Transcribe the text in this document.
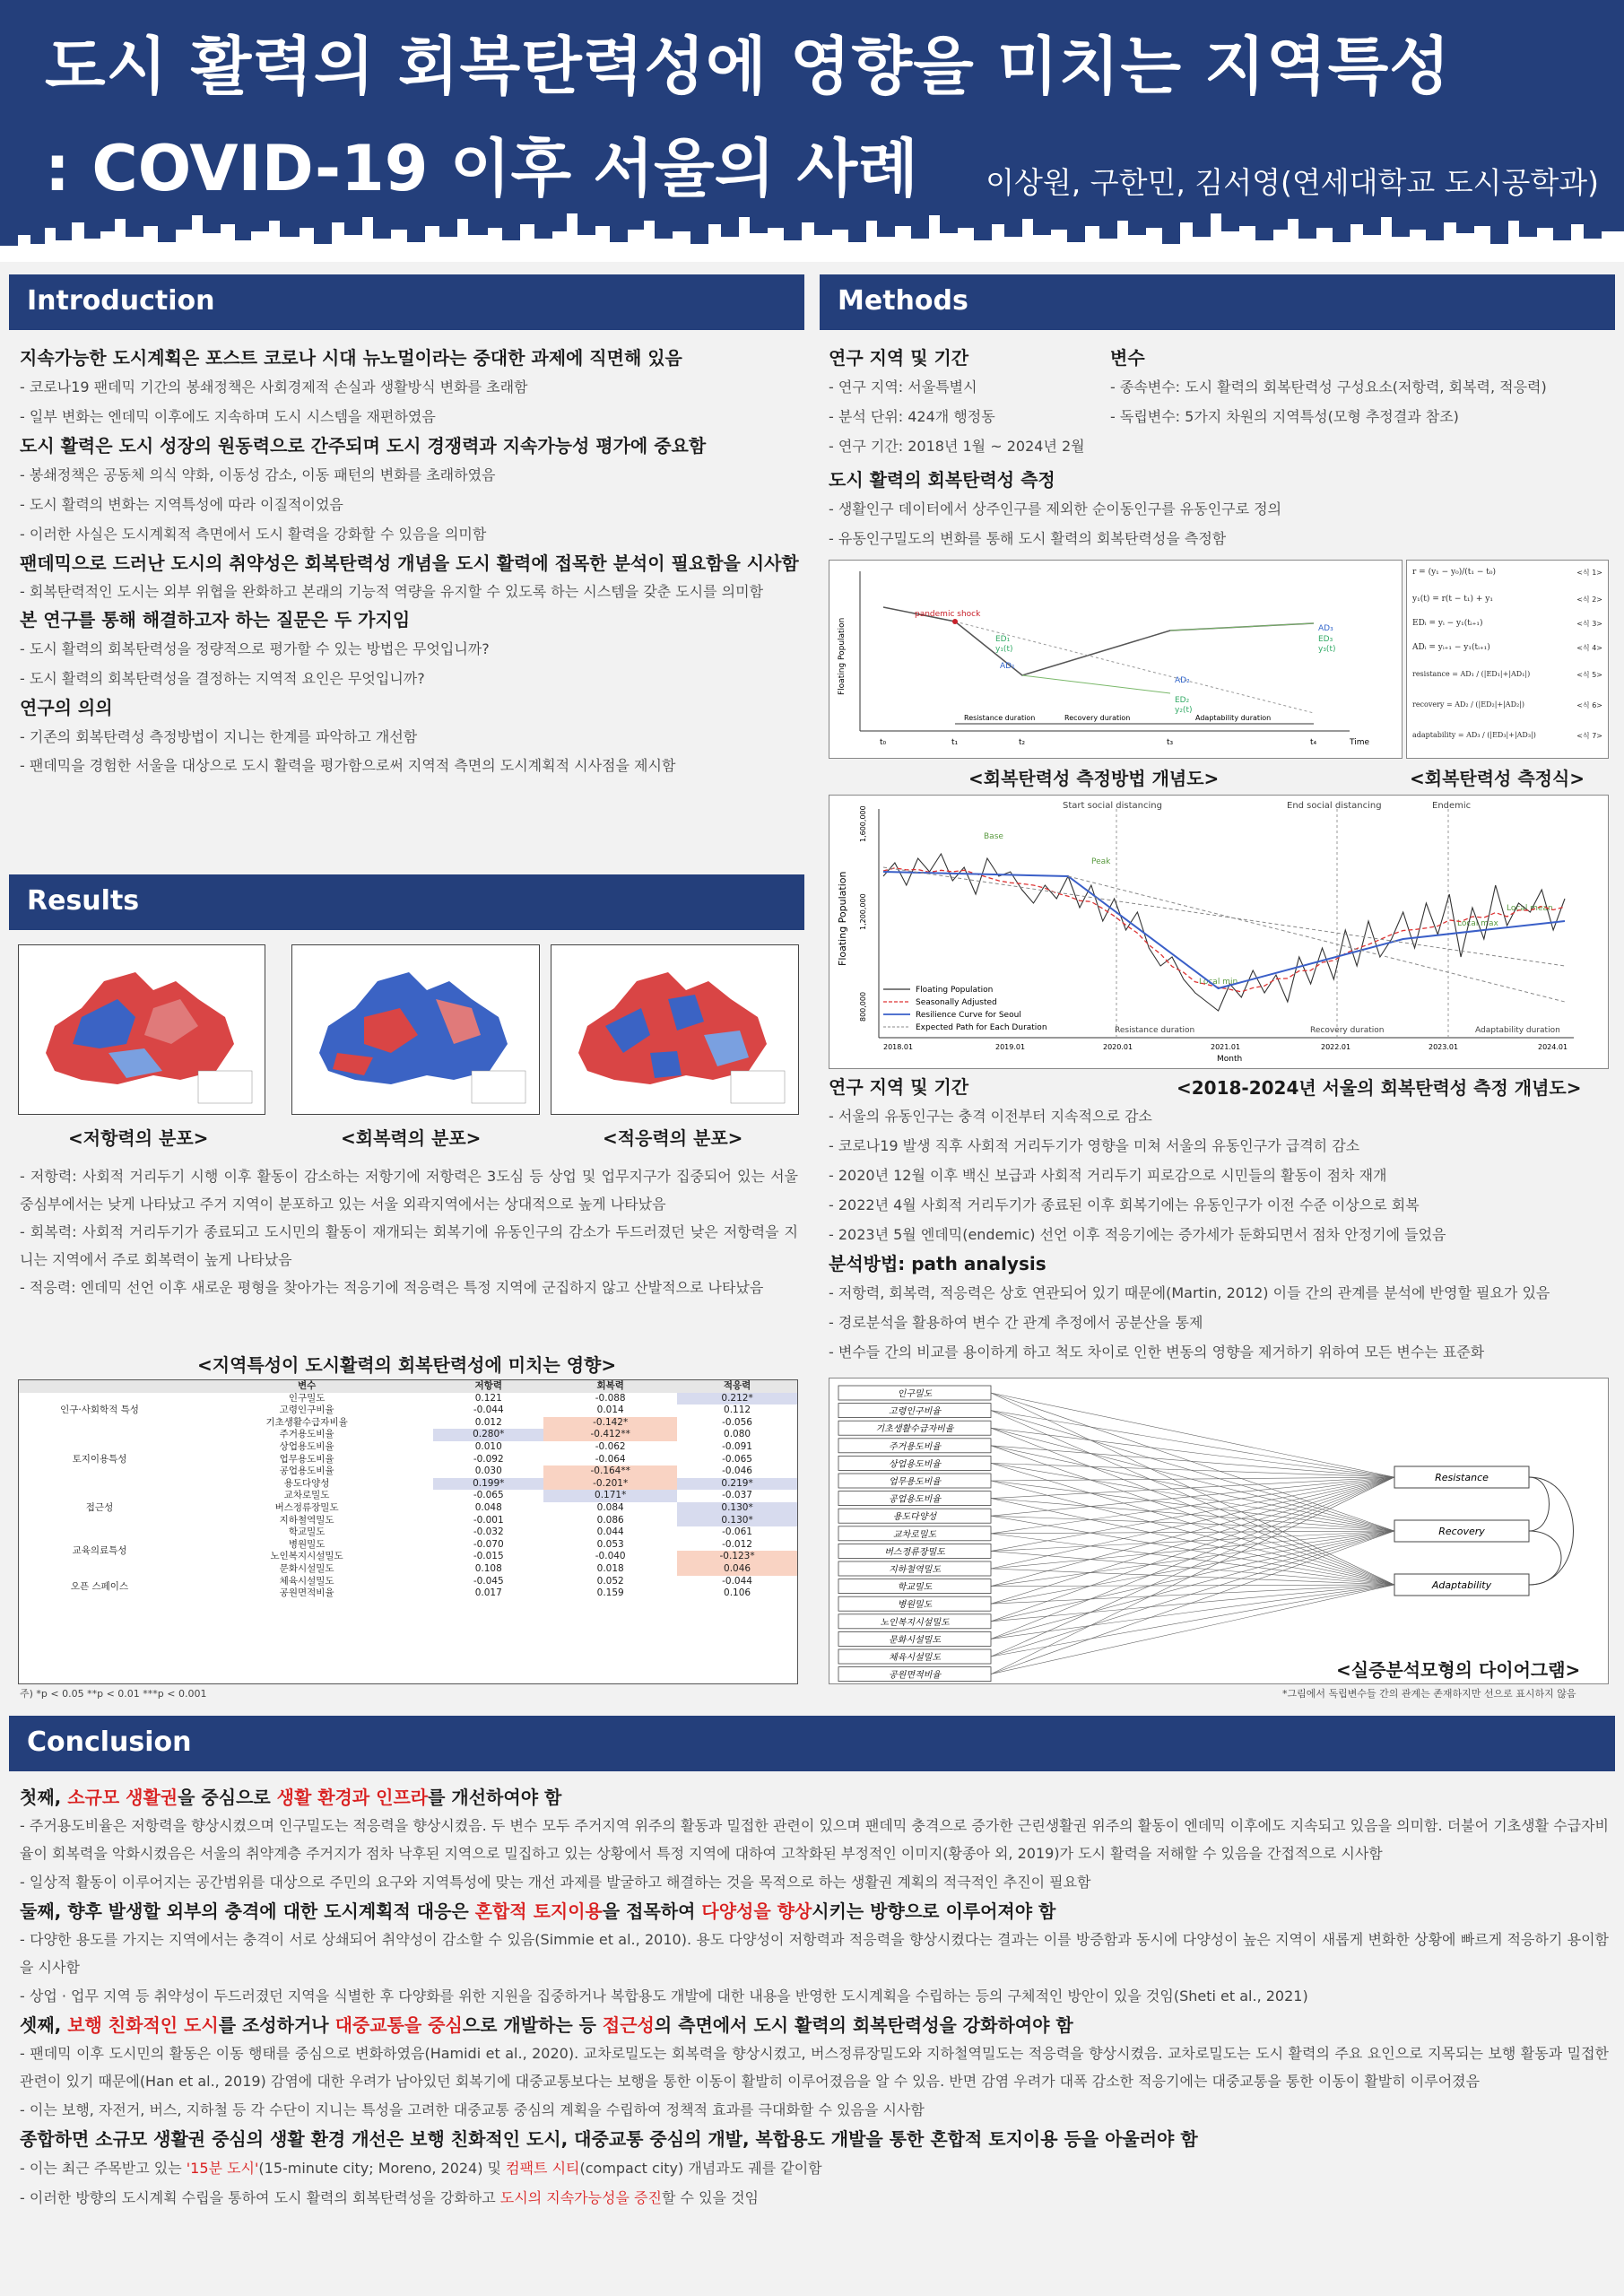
도시 활력의 회복탄력성에 영향을 미치는 지역특성
: COVID-19 이후 서울의 사례 이상원, 구한민, 김서영(연세대학교 도시공학과)
Introduction
지속가능한 도시계획은 포스트 코로나 시대 뉴노멀이라는 중대한 과제에 직면해 있음
- 코로나19 팬데믹 기간의 봉쇄정책은 사회경제적 손실과 생활방식 변화를 초래함
- 일부 변화는 엔데믹 이후에도 지속하며 도시 시스템을 재편하였음
도시 활력은 도시 성장의 원동력으로 간주되며 도시 경쟁력과 지속가능성 평가에 중요함
- 봉쇄정책은 공동체 의식 약화, 이동성 감소, 이동 패턴의 변화를 초래하였음
- 도시 활력의 변화는 지역특성에 따라 이질적이었음
- 이러한 사실은 도시계획적 측면에서 도시 활력을 강화할 수 있음을 의미함
팬데믹으로 드러난 도시의 취약성은 회복탄력성 개념을 도시 활력에 접목한 분석이 필요함을 시사함
- 회복탄력적인 도시는 외부 위협을 완화하고 본래의 기능적 역량을 유지할 수 있도록 하는 시스템을 갖춘 도시를 의미함
본 연구를 통해 해결하고자 하는 질문은 두 가지임
- 도시 활력의 회복탄력성을 정량적으로 평가할 수 있는 방법은 무엇입니까?
- 도시 활력의 회복탄력성을 결정하는 지역적 요인은 무엇입니까?
연구의 의의
- 기존의 회복탄력성 측정방법이 지니는 한계를 파악하고 개선함
- 팬데믹을 경험한 서울을 대상으로 도시 활력을 평가함으로써 지역적 측면의 도시계획적 시사점을 제시함
Results
<저항력의 분포>	<회복력의 분포>	<적응력의 분포>
- 저항력: 사회적 거리두기 시행 이후 활동이 감소하는 저항기에 저항력은 3도심 등 상업 및 업무지구가 집중되어 있는 서울 중심부에서는 낮게 나타났고 주거 지역이 분포하고 있는 서울 외곽지역에서는 상대적으로 높게 나타났음
- 회복력: 사회적 거리두기가 종료되고 도시민의 활동이 재개되는 회복기에 유동인구의 감소가 두드러졌던 낮은 저항력을 지니는 지역에서 주로 회복력이 높게 나타났음
- 적응력: 엔데믹 선언 이후 새로운 평형을 찾아가는 적응기에 적응력은 특정 지역에 군집하지 않고 산발적으로 나타났음
<지역특성이 도시활력의 회복탄력성에 미치는 영향>
	변수	저항력	회복력	적응력
인구·사회학적 특성	인구밀도	0.121	-0.088	0.212*
	고령인구비율	-0.044	0.014	0.112
	기초생활수급자비율	0.012	-0.142*	-0.056
토지이용특성	주거용도비율	0.280*	-0.412**	0.080
	상업용도비율	0.010	-0.062	-0.091
	업무용도비율	-0.092	-0.064	-0.065
	공업용도비율	0.030	-0.164**	-0.046
	용도다양성	0.199*	-0.201*	0.219*
접근성	교차로밀도	-0.065	0.171*	-0.037
	버스정류장밀도	0.048	0.084	0.130*
	지하철역밀도	-0.001	0.086	0.130*
교육의료특성	학교밀도	-0.032	0.044	-0.061
	병원밀도	-0.070	0.053	-0.012
	노인복지시설밀도	-0.015	-0.040	-0.123*
	문화시설밀도	0.108	0.018	0.046
오픈 스페이스	체육시설밀도	-0.045	0.052	-0.044
	공원면적비율	0.017	0.159	0.106
주) *p < 0.05 **p < 0.01 ***p < 0.001
Methods
연구 지역 및 기간
- 연구 지역: 서울특별시
- 분석 단위: 424개 행정동
- 연구 기간: 2018년 1월 ~ 2024년 2월
변수
- 종속변수: 도시 활력의 회복탄력성 구성요소(저항력, 회복력, 적응력)
- 독립변수: 5가지 차원의 지역특성(모형 추정결과 참조)
도시 활력의 회복탄력성 측정
- 생활인구 데이터에서 상주인구를 제외한 순이동인구를 유동인구로 정의
- 유동인구밀도의 변화를 통해 도시 활력의 회복탄력성을 측정함
Floating Population
pandemic shock
ED₁
y₁(t)
AD₁
AD₂
ED₂
y₂(t)
AD₃
ED₃
y₃(t)
Resistance duration	Recovery duration	Adaptability duration
t₀	t₁	t₂	t₃	t₄	Time
r = (y₁ − y₀)/(t₁ − t₀)	<식 1>
y₁(t) = r(t − t₁) + y₁	<식 2>
EDᵢ = yᵢ − y₁(tᵢ₊₁)	<식 3>
ADᵢ = yᵢ₊₁ − y₁(tᵢ₊₁)	<식 4>
resistance = AD₁ / (|ED₁|+|AD₁|)	<식 5>
recovery = AD₂ / (|ED₂|+|AD₂|)	<식 6>
adaptability = AD₃ / (|ED₃|+|AD₃|)	<식 7>
<회복탄력성 측정방법 개념도>	<회복탄력성 측정식>
Floating Population
1,600,000
1,200,000
800,000
Start social distancing	End social distancing	Endemic
Base
Peak
Local min
Local max
Local mean
Floating Population
Seasonally Adjusted
Resilience Curve for Seoul
Expected Path for Each Duration	Resistance duration	Recovery duration	Adaptability duration
2018.01	2019.01	2020.01	2021.01	2022.01	2023.01	2024.01
Month
연구 지역 및 기간	<2018-2024년 서울의 회복탄력성 측정 개념도>
- 서울의 유동인구는 충격 이전부터 지속적으로 감소
- 코로나19 발생 직후 사회적 거리두기가 영향을 미쳐 서울의 유동인구가 급격히 감소
- 2020년 12월 이후 백신 보급과 사회적 거리두기 피로감으로 시민들의 활동이 점차 재개
- 2022년 4월 사회적 거리두기가 종료된 이후 회복기에는 유동인구가 이전 수준 이상으로 회복
- 2023년 5월 엔데믹(endemic) 선언 이후 적응기에는 증가세가 둔화되면서 점차 안정기에 들었음
분석방법: path analysis
- 저항력, 회복력, 적응력은 상호 연관되어 있기 때문에(Martin, 2012) 이들 간의 관계를 분석에 반영할 필요가 있음
- 경로분석을 활용하여 변수 간 관계 추정에서 공분산을 통제
- 변수들 간의 비교를 용이하게 하고 척도 차이로 인한 변동의 영향을 제거하기 위하여 모든 변수는 표준화
인구밀도
고령인구비율
기초생활수급자비율
주거용도비율
상업용도비율
업무용도비율
공업용도비율
용도다양성
교차로밀도
버스정류장밀도
지하철역밀도
학교밀도
병원밀도
노인복지시설밀도
문화시설밀도
체육시설밀도
공원면적비율
Resistance
Recovery
Adaptability
<실증분석모형의 다이어그램>
*그림에서 독립변수들 간의 관계는 존재하지만 선으로 표시하지 않음
Conclusion
첫째, 소규모 생활권을 중심으로 생활 환경과 인프라를 개선하여야 함
- 주거용도비율은 저항력을 향상시켰으며 인구밀도는 적응력을 향상시켰음. 두 변수 모두 주거지역 위주의 활동과 밀접한 관련이 있으며 팬데믹 충격으로 증가한 근린생활권 위주의 활동이 엔데믹 이후에도 지속되고 있음을 의미함. 더불어 기초생활 수급자비율이 회복력을 악화시켰음은 서울의 취약계층 주거지가 점차 낙후된 지역으로 밀집하고 있는 상황에서 특정 지역에 대하여 고착화된 부정적인 이미지(황종아 외, 2019)가 도시 활력을 저해할 수 있음을 간접적으로 시사함
- 일상적 활동이 이루어지는 공간범위를 대상으로 주민의 요구와 지역특성에 맞는 개선 과제를 발굴하고 해결하는 것을 목적으로 하는 생활권 계획의 적극적인 추진이 필요함
둘째, 향후 발생할 외부의 충격에 대한 도시계획적 대응은 혼합적 토지이용을 접목하여 다양성을 향상시키는 방향으로 이루어져야 함
- 다양한 용도를 가지는 지역에서는 충격이 서로 상쇄되어 취약성이 감소할 수 있음(Simmie et al., 2010). 용도 다양성이 저항력과 적응력을 향상시켰다는 결과는 이를 방증함과 동시에 다양성이 높은 지역이 새롭게 변화한 상황에 빠르게 적응하기 용이함을 시사함
- 상업 · 업무 지역 등 취약성이 두드러졌던 지역을 식별한 후 다양화를 위한 지원을 집중하거나 복합용도 개발에 대한 내용을 반영한 도시계획을 수립하는 등의 구체적인 방안이 있을 것임(Sheti et al., 2021)
셋째, 보행 친화적인 도시를 조성하거나 대중교통을 중심으로 개발하는 등 접근성의 측면에서 도시 활력의 회복탄력성을 강화하여야 함
- 팬데믹 이후 도시민의 활동은 이동 행태를 중심으로 변화하였음(Hamidi et al., 2020). 교차로밀도는 회복력을 향상시켰고, 버스정류장밀도와 지하철역밀도는 적응력을 향상시켰음. 교차로밀도는 도시 활력의 주요 요인으로 지목되는 보행 활동과 밀접한 관련이 있기 때문에(Han et al., 2019) 감염에 대한 우려가 남아있던 회복기에 대중교통보다는 보행을 통한 이동이 활발히 이루어졌음을 알 수 있음. 반면 감염 우려가 대폭 감소한 적응기에는 대중교통을 통한 이동이 활발히 이루어졌음
- 이는 보행, 자전거, 버스, 지하철 등 각 수단이 지니는 특성을 고려한 대중교통 중심의 계획을 수립하여 정책적 효과를 극대화할 수 있음을 시사함
종합하면 소규모 생활권 중심의 생활 환경 개선은 보행 친화적인 도시, 대중교통 중심의 개발, 복합용도 개발을 통한 혼합적 토지이용 등을 아울러야 함
- 이는 최근 주목받고 있는 '15분 도시'(15-minute city; Moreno, 2024) 및 컴팩트 시티(compact city) 개념과도 궤를 같이함
- 이러한 방향의 도시계획 수립을 통하여 도시 활력의 회복탄력성을 강화하고 도시의 지속가능성을 증진할 수 있을 것임
